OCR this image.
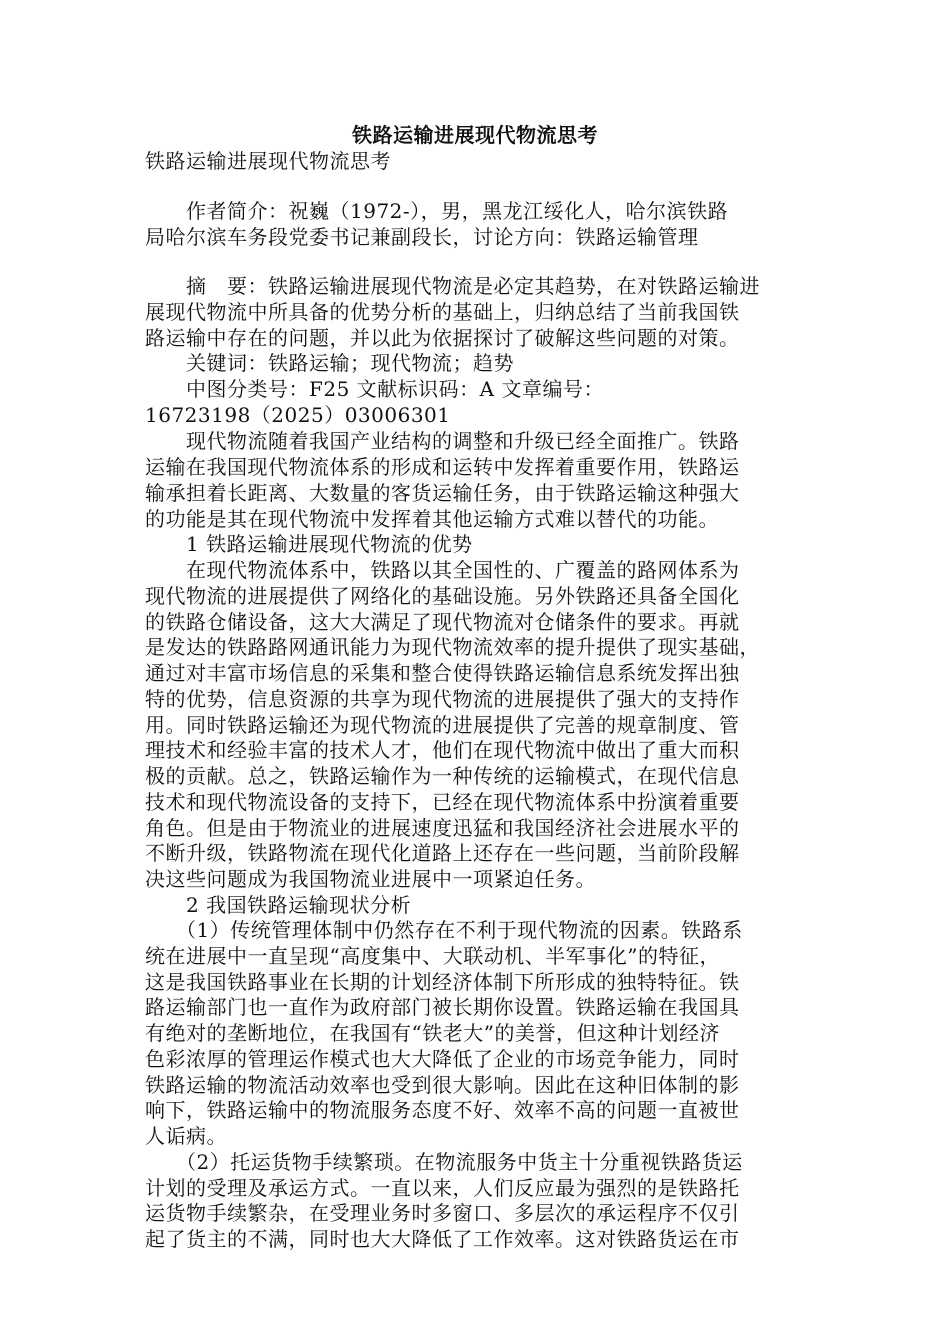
铁路运输进展现代物流思考
铁路运输进展现代物流思考
　　作者简介：祝巍（1972-），男，黑龙江绥化人，哈尔滨铁路
局哈尔滨车务段党委书记兼副段长，讨论方向：铁路运输管理
　　摘　要：铁路运输进展现代物流是必定其趋势，在对铁路运输进
展现代物流中所具备的优势分析的基础上，归纳总结了当前我国铁
路运输中存在的问题，并以此为依据探讨了破解这些问题的对策。
　　关键词：铁路运输；现代物流；趋势
　　中图分类号：F25 文献标识码：A 文章编号：
16723198（2025）03006301
　　现代物流随着我国产业结构的调整和升级已经全面推广。铁路
运输在我国现代物流体系的形成和运转中发挥着重要作用，铁路运
输承担着长距离、大数量的客货运输任务，由于铁路运输这种强大
的功能是其在现代物流中发挥着其他运输方式难以替代的功能。
　　1 铁路运输进展现代物流的优势
　　在现代物流体系中，铁路以其全国性的、广覆盖的路网体系为
现代物流的进展提供了网络化的基础设施。另外铁路还具备全国化
的铁路仓储设备，这大大满足了现代物流对仓储条件的要求。再就
是发达的铁路路网通讯能力为现代物流效率的提升提供了现实基础，
通过对丰富市场信息的采集和整合使得铁路运输信息系统发挥出独
特的优势，信息资源的共享为现代物流的进展提供了强大的支持作
用。同时铁路运输还为现代物流的进展提供了完善的规章制度、管
理技术和经验丰富的技术人才，他们在现代物流中做出了重大而积
极的贡献。总之，铁路运输作为一种传统的运输模式，在现代信息
技术和现代物流设备的支持下，已经在现代物流体系中扮演着重要
角色。但是由于物流业的进展速度迅猛和我国经济社会进展水平的
不断升级，铁路物流在现代化道路上还存在一些问题，当前阶段解
决这些问题成为我国物流业进展中一项紧迫任务。
　　2 我国铁路运输现状分析
　　（1）传统管理体制中仍然存在不利于现代物流的因素。铁路系
统在进展中一直呈现“高度集中、大联动机、半军事化”的特征，
这是我国铁路事业在长期的计划经济体制下所形成的独特特征。铁
路运输部门也一直作为政府部门被长期你设置。铁路运输在我国具
有绝对的垄断地位，在我国有“铁老大”的美誉，但这种计划经济
色彩浓厚的管理运作模式也大大降低了企业的市场竞争能力，同时
铁路运输的物流活动效率也受到很大影响。因此在这种旧体制的影
响下，铁路运输中的物流服务态度不好、效率不高的问题一直被世
人诟病。
　　（2）托运货物手续繁琐。在物流服务中货主十分重视铁路货运
计划的受理及承运方式。一直以来，人们反应最为强烈的是铁路托
运货物手续繁杂，在受理业务时多窗口、多层次的承运程序不仅引
起了货主的不满，同时也大大降低了工作效率。这对铁路货运在市
